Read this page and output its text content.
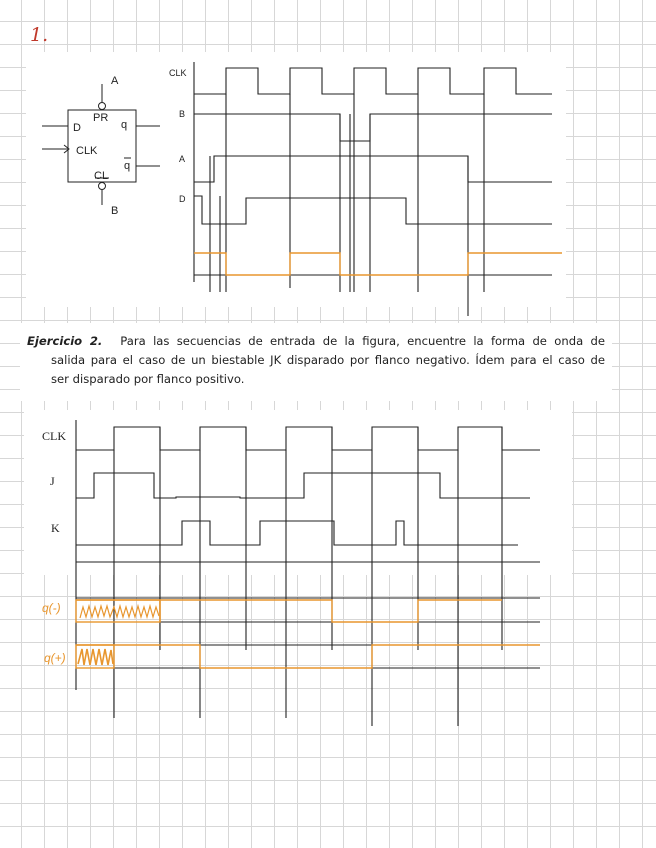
1.
A
B
D
CLK
PR
CL
q
q
CLK
B
A
D
CLK
J
K
q(-)
q(+)
Ejercicio 2. Para las secuencias de entrada de la figura, encuentre la forma de onda de
salida para el caso de un biestable JK disparado por flanco negativo. Ídem para el caso de
ser disparado por flanco positivo.
